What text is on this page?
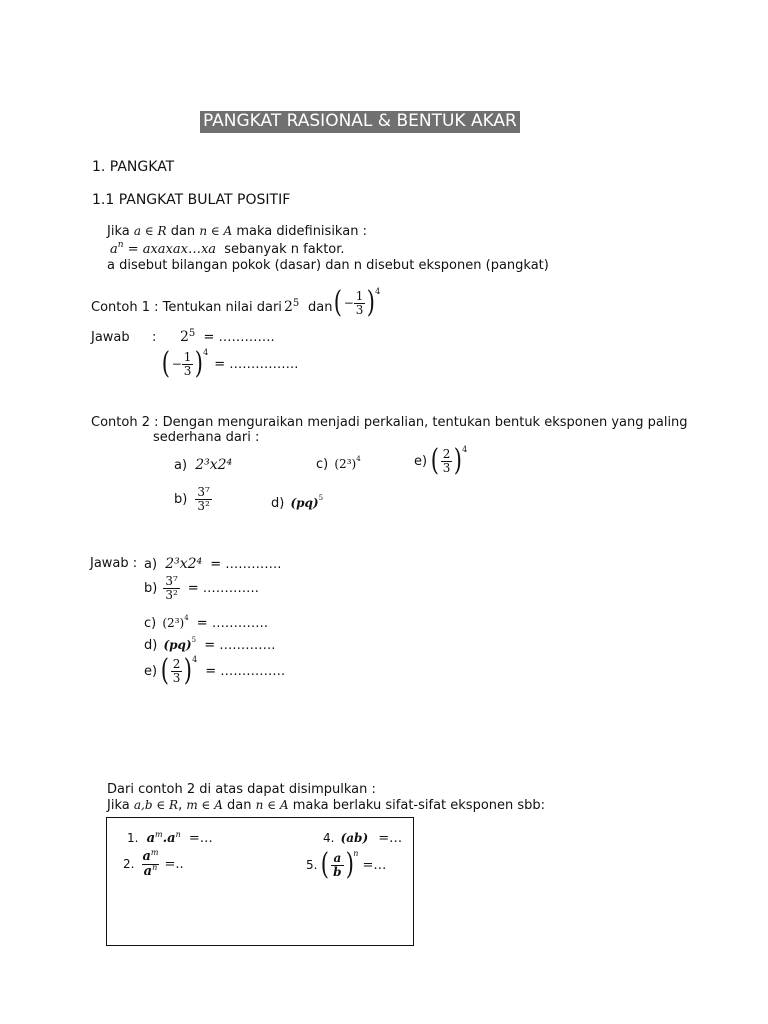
PANGKAT RASIONAL & BENTUK AKAR
1. PANGKAT
1.1 PANGKAT BULAT POSITIF
Jika a ∈ R dan n ∈ A maka didefinisikan :
$a^n$ = axaxax…xa sebanyak n faktor.
a disebut bilangan pokok (dasar) dan n disebut eksponen (pangkat)
Contoh 1 : Tentukan nilai dari $2^5$ dan ( − $\frac{1}{3}$ ) 4
Jawab : $2^5$ = ………….
( − $\frac{1}{3}$ ) 4
= …………….
Contoh 2 : Dengan menguraikan menjadi perkalian, tentukan bentuk eksponen yang paling
sederhana dari :
a) 2³x2⁴	c) $(2^3)^4$	e) ( $\frac{2}{3}$ ) 4
$b) \frac{\text{3⁷}}{\text{3²}}$	d) (pq)$^5$
Jawab : a) 2³x2⁴ = ………….
$b) \frac{\text{3⁷}}{\text{3²}}$ = ………….
c) $(2^3)^4$ = ………….
d) (pq)$^5$ = ………….
e) ( $\frac{2}{3}$ ) 4
= ……………
Dari contoh 2 di atas dapat disimpulkan :
Jika a,b ∈ R, m ∈ A dan n ∈ A maka berlaku sifat-sifat eksponen sbb:
1. $a^m.a^n$ =…
2. $\frac{a^m}{a^n}$ =..
4. (ab) =…
5. ( $\frac{a}{b}$ ) n
=…
